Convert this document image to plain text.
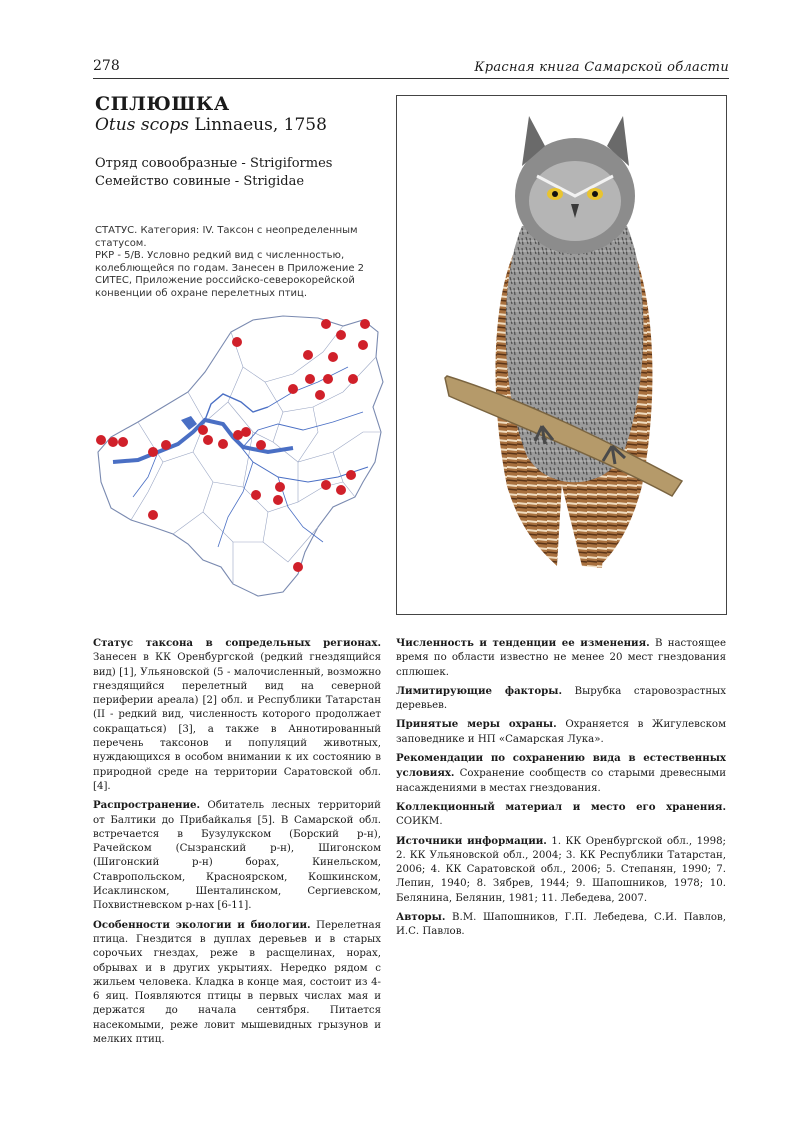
278	Красная книга Самарской области
СПЛЮШКА
Otus scops Linnaeus, 1758
Отряд совообразные - Strigiformes
Семейство совиные - Strigidae

СТАТУС. Категория: IV. Таксон с неопределенным статусом.

РКР - 5/В. Условно редкий вид с численностью, колеблющейся по годам. Занесен в Приложение 2 СИТЕС, Приложение российско-северокорейской конвенции об охране перелетных птиц.

Статус таксона в сопредельных регионах. Занесен в КК Оренбургской (редкий гнездящийся вид) [1], Ульяновской (5 - малочисленный, возможно гнездящийся перелетный вид на северной периферии ареала) [2] обл. и Республики Татарстан (II - редкий вид, численность которого продолжает сокращаться) [3], а также в Аннотированный перечень таксонов и популяций животных, нуждающихся в особом внимании к их состоянию в природной среде на территории Саратовской обл. [4].

Распространение. Обитатель лесных территорий от Балтики до Прибайкалья [5]. В Самарской обл. встречается в Бузулукском (Борский р-н), Рачейском (Сызранский р-н), Шигонском (Шигонский р-н) борах, Кинельском, Ставропольском, Красноярском, Кошкинском, Исаклинском, Шенталинском, Сергиевском, Похвистневском р-нах [6-11].

Особенности экологии и биологии. Перелетная птица. Гнездится в дуплах деревьев и в старых сорочьих гнездах, реже в расщелинах, норах, обрывах и в других укрытиях. Нередко рядом с жильем человека. Кладка в конце мая, состоит из 4-6 яиц. Появляются птицы в первых числах мая и держатся до начала сентября. Питается насекомыми, реже ловит мышевидных грызунов и мелких птиц.

Численность и тенденции ее изменения. В настоящее время по области известно не менее 20 мест гнездования сплюшек.

Лимитирующие факторы. Вырубка старовозрастных деревьев.

Принятые меры охраны. Охраняется в Жигулевском заповеднике и НП «Самарская Лука».

Рекомендации по сохранению вида в естественных условиях. Сохранение сообществ со старыми древесными насаждениями в местах гнездования.

Коллекционный материал и место его хранения. СОИКМ.

Источники информации. 1. КК Оренбургской обл., 1998; 2. КК Ульяновской обл., 2004; 3. КК Республики Татарстан, 2006; 4. КК Саратовской обл., 2006; 5. Степанян, 1990; 7. Лепин, 1940; 8. Зябрев, 1944; 9. Шапошников, 1978; 10. Белянина, Белянин, 1981; 11. Лебедева, 2007.

Авторы. В.М. Шапошников, Г.П. Лебедева, С.И. Павлов, И.С. Павлов.
